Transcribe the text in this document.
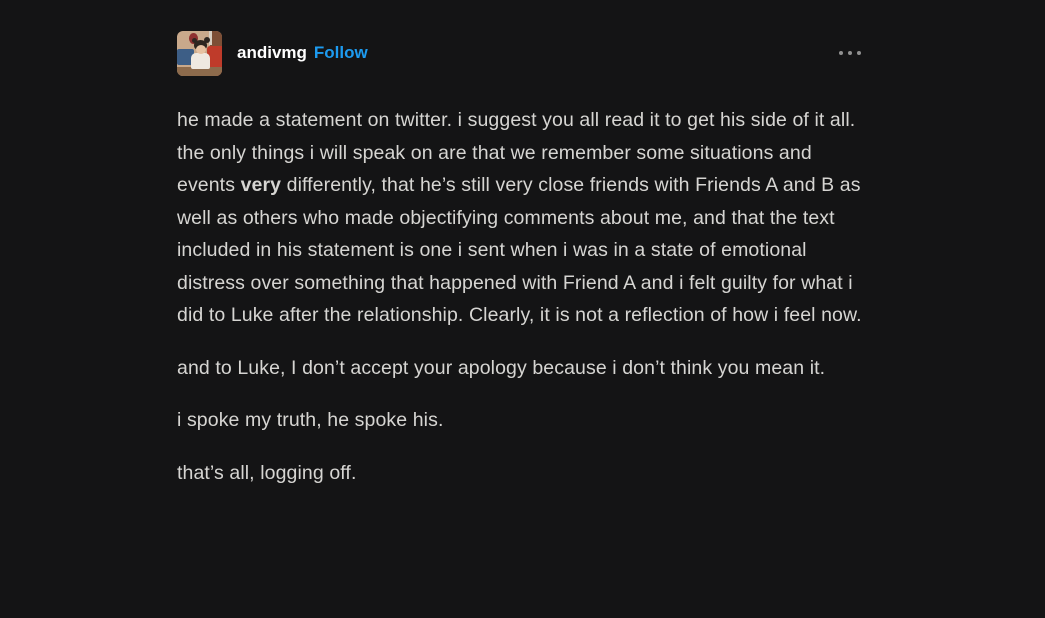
andivmg Follow

he made a statement on twitter. i suggest you all read it to get his side of it all. the only things i will speak on are that we remember some situations and events very differently, that he’s still very close friends with Friends A and B as well as others who made objectifying comments about me, and that the text included in his statement is one i sent when i was in a state of emotional distress over something that happened with Friend A and i felt guilty for what i did to Luke after the relationship. Clearly, it is not a reflection of how i feel now.

and to Luke, I don’t accept your apology because i don’t think you mean it.

i spoke my truth, he spoke his.

that’s all, logging off.
